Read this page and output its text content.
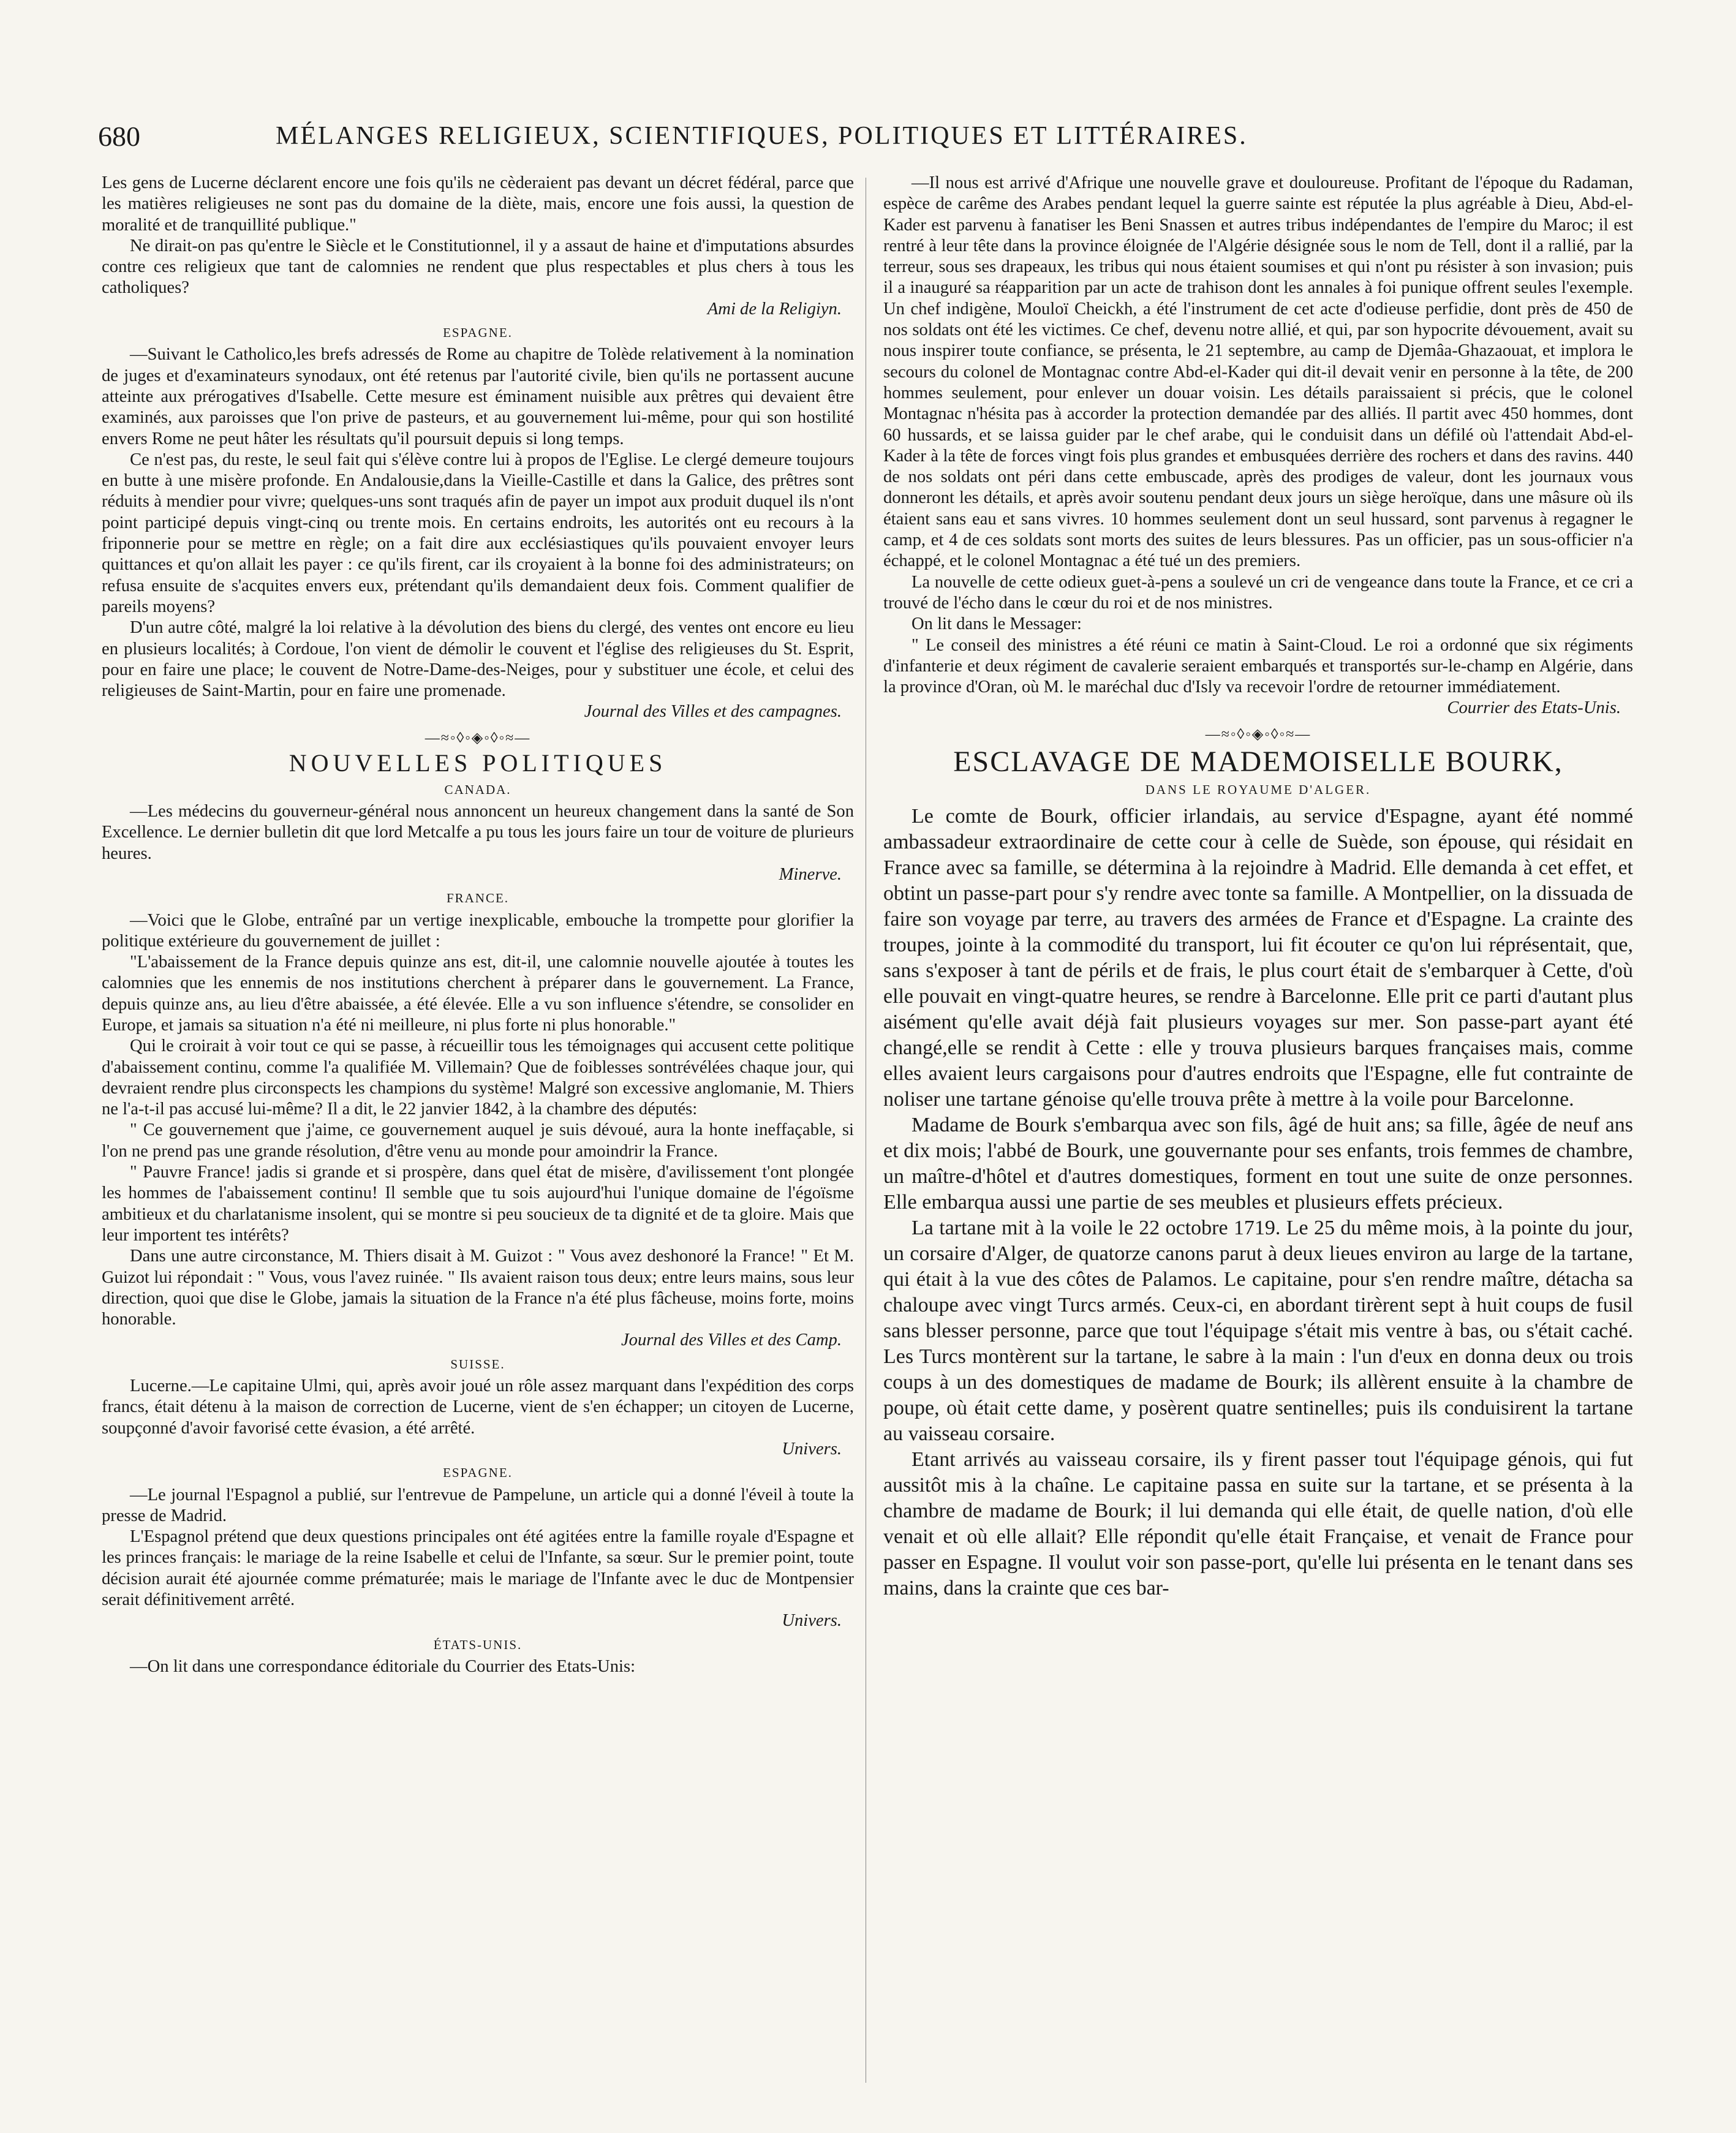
680	MÉLANGES RELIGIEUX, SCIENTIFIQUES, POLITIQUES ET LITTÉRAIRES.

Les gens de Lucerne déclarent encore une fois qu'ils ne cèderaient pas devant un décret fédéral, parce que les matières religieuses ne sont pas du domaine de la diète, mais, encore une fois aussi, la question de moralité et de tranquillité publique."

Ne dirait-on pas qu'entre le Siècle et le Constitutionnel, il y a assaut de haine et d'imputations absurdes contre ces religieux que tant de calomnies ne rendent que plus respectables et plus chers à tous les catholiques?

Ami de la Religiyn.

ESPAGNE.

—Suivant le Catholico,les brefs adressés de Rome au chapitre de Tolède relativement à la nomination de juges et d'examinateurs synodaux, ont été retenus par l'autorité civile, bien qu'ils ne portassent aucune atteinte aux prérogatives d'Isabelle. Cette mesure est éminament nuisible aux prêtres qui devaient être examinés, aux paroisses que l'on prive de pasteurs, et au gouvernement lui-même, pour qui son hostilité envers Rome ne peut hâter les résultats qu'il poursuit depuis si long temps.

Ce n'est pas, du reste, le seul fait qui s'élève contre lui à propos de l'Eglise. Le clergé demeure toujours en butte à une misère profonde. En Andalousie,dans la Vieille-Castille et dans la Galice, des prêtres sont réduits à mendier pour vivre; quelques-uns sont traqués afin de payer un impot aux produit duquel ils n'ont point participé depuis vingt-cinq ou trente mois. En certains endroits, les autorités ont eu recours à la friponnerie pour se mettre en règle; on a fait dire aux ecclésiastiques qu'ils pouvaient envoyer leurs quittances et qu'on allait les payer : ce qu'ils firent, car ils croyaient à la bonne foi des administrateurs; on refusa ensuite de s'acquites envers eux, prétendant qu'ils demandaient deux fois. Comment qualifier de pareils moyens?

D'un autre côté, malgré la loi relative à la dévolution des biens du clergé, des ventes ont encore eu lieu en plusieurs localités; à Cordoue, l'on vient de démolir le couvent et l'église des religieuses du St. Esprit, pour en faire une place; le couvent de Notre-Dame-des-Neiges, pour y substituer une école, et celui des religieuses de Saint-Martin, pour en faire une promenade.

Journal des Villes et des campagnes.

—≈◦◊◦◈◦◊◦≈—
NOUVELLES POLITIQUES
CANADA.

—Les médecins du gouverneur-général nous annoncent un heureux changement dans la santé de Son Excellence. Le dernier bulletin dit que lord Metcalfe a pu tous les jours faire un tour de voiture de plurieurs heures.

Minerve.

FRANCE.

—Voici que le Globe, entraîné par un vertige inexplicable, embouche la trompette pour glorifier la politique extérieure du gouvernement de juillet :

"L'abaissement de la France depuis quinze ans est, dit-il, une calomnie nouvelle ajoutée à toutes les calomnies que les ennemis de nos institutions cherchent à préparer dans le gouvernement. La France, depuis quinze ans, au lieu d'être abaissée, a été élevée. Elle a vu son influence s'étendre, se consolider en Europe, et jamais sa situation n'a été ni meilleure, ni plus forte ni plus honorable."

Qui le croirait à voir tout ce qui se passe, à récueillir tous les témoignages qui accusent cette politique d'abaissement continu, comme l'a qualifiée M. Villemain? Que de foiblesses sontrévélées chaque jour, qui devraient rendre plus circonspects les champions du système! Malgré son excessive anglomanie, M. Thiers ne l'a-t-il pas accusé lui-même? Il a dit, le 22 janvier 1842, à la chambre des députés:

" Ce gouvernement que j'aime, ce gouvernement auquel je suis dévoué, aura la honte ineffaçable, si l'on ne prend pas une grande résolution, d'être venu au monde pour amoindrir la France.

" Pauvre France! jadis si grande et si prospère, dans quel état de misère, d'avilissement t'ont plongée les hommes de l'abaissement continu! Il semble que tu sois aujourd'hui l'unique domaine de l'égoïsme ambitieux et du charlatanisme insolent, qui se montre si peu soucieux de ta dignité et de ta gloire. Mais que leur importent tes intérêts?

Dans une autre circonstance, M. Thiers disait à M. Guizot : " Vous avez deshonoré la France! " Et M. Guizot lui répondait : " Vous, vous l'avez ruinée. " Ils avaient raison tous deux; entre leurs mains, sous leur direction, quoi que dise le Globe, jamais la situation de la France n'a été plus fâcheuse, moins forte, moins honorable.

Journal des Villes et des Camp.

SUISSE.

Lucerne.—Le capitaine Ulmi, qui, après avoir joué un rôle assez marquant dans l'expédition des corps francs, était détenu à la maison de correction de Lucerne, vient de s'en échapper; un citoyen de Lucerne, soupçonné d'avoir favorisé cette évasion, a été arrêté.

Univers.

ESPAGNE.

—Le journal l'Espagnol a publié, sur l'entrevue de Pampelune, un article qui a donné l'éveil à toute la presse de Madrid.

L'Espagnol prétend que deux questions principales ont été agitées entre la famille royale d'Espagne et les princes français: le mariage de la reine Isabelle et celui de l'Infante, sa sœur. Sur le premier point, toute décision aurait été ajournée comme prématurée; mais le mariage de l'Infante avec le duc de Montpensier serait définitivement arrêté.

Univers.

ÉTATS-UNIS.

—On lit dans une correspondance éditoriale du Courrier des Etats-Unis:

—Il nous est arrivé d'Afrique une nouvelle grave et douloureuse. Profitant de l'époque du Radaman, espèce de carême des Arabes pendant lequel la guerre sainte est réputée la plus agréable à Dieu, Abd-el-Kader est parvenu à fanatiser les Beni Snassen et autres tribus indépendantes de l'empire du Maroc; il est rentré à leur tête dans la province éloignée de l'Algérie désignée sous le nom de Tell, dont il a rallié, par la terreur, sous ses drapeaux, les tribus qui nous étaient soumises et qui n'ont pu résister à son invasion; puis il a inauguré sa réapparition par un acte de trahison dont les annales à foi punique offrent seules l'exemple. Un chef indigène, Mouloï Cheickh, a été l'instrument de cet acte d'odieuse perfidie, dont près de 450 de nos soldats ont été les victimes. Ce chef, devenu notre allié, et qui, par son hypocrite dévouement, avait su nous inspirer toute confiance, se présenta, le 21 septembre, au camp de Djemâa-Ghazaouat, et implora le secours du colonel de Montagnac contre Abd-el-Kader qui dit-il devait venir en personne à la tête, de 200 hommes seulement, pour enlever un douar voisin. Les détails paraissaient si précis, que le colonel Montagnac n'hésita pas à accorder la protection demandée par des alliés. Il partit avec 450 hommes, dont 60 hussards, et se laissa guider par le chef arabe, qui le conduisit dans un défilé où l'attendait Abd-el-Kader à la tête de forces vingt fois plus grandes et embusquées derrière des rochers et dans des ravins. 440 de nos soldats ont péri dans cette embuscade, après des prodiges de valeur, dont les journaux vous donneront les détails, et après avoir soutenu pendant deux jours un siège heroïque, dans une mâsure où ils étaient sans eau et sans vivres. 10 hommes seulement dont un seul hussard, sont parvenus à regagner le camp, et 4 de ces soldats sont morts des suites de leurs blessures. Pas un officier, pas un sous-officier n'a échappé, et le colonel Montagnac a été tué un des premiers.

La nouvelle de cette odieux guet-à-pens a soulevé un cri de vengeance dans toute la France, et ce cri a trouvé de l'écho dans le cœur du roi et de nos ministres.

On lit dans le Messager:

" Le conseil des ministres a été réuni ce matin à Saint-Cloud. Le roi a ordonné que six régiments d'infanterie et deux régiment de cavalerie seraient embarqués et transportés sur-le-champ en Algérie, dans la province d'Oran, où M. le maréchal duc d'Isly va recevoir l'ordre de retourner immédiatement.

Courrier des Etats-Unis.

—≈◦◊◦◈◦◊◦≈—
ESCLAVAGE DE MADEMOISELLE BOURK,
DANS LE ROYAUME D'ALGER.

Le comte de Bourk, officier irlandais, au service d'Espagne, ayant été nommé ambassadeur extraordinaire de cette cour à celle de Suède, son épouse, qui résidait en France avec sa famille, se détermina à la rejoindre à Madrid. Elle demanda à cet effet, et obtint un passe-part pour s'y rendre avec tonte sa famille. A Montpellier, on la dissuada de faire son voyage par terre, au travers des armées de France et d'Espagne. La crainte des troupes, jointe à la commodité du transport, lui fit écouter ce qu'on lui réprésentait, que, sans s'exposer à tant de périls et de frais, le plus court était de s'embarquer à Cette, d'où elle pouvait en vingt-quatre heures, se rendre à Barcelonne. Elle prit ce parti d'autant plus aisément qu'elle avait déjà fait plusieurs voyages sur mer. Son passe-part ayant été changé,elle se rendit à Cette : elle y trouva plusieurs barques françaises mais, comme elles avaient leurs cargaisons pour d'autres endroits que l'Espagne, elle fut contrainte de noliser une tartane génoise qu'elle trouva prête à mettre à la voile pour Barcelonne.

Madame de Bourk s'embarqua avec son fils, âgé de huit ans; sa fille, âgée de neuf ans et dix mois; l'abbé de Bourk, une gouvernante pour ses enfants, trois femmes de chambre, un maître-d'hôtel et d'autres domestiques, forment en tout une suite de onze personnes. Elle embarqua aussi une partie de ses meubles et plusieurs effets précieux.

La tartane mit à la voile le 22 octobre 1719. Le 25 du même mois, à la pointe du jour, un corsaire d'Alger, de quatorze canons parut à deux lieues environ au large de la tartane, qui était à la vue des côtes de Palamos. Le capitaine, pour s'en rendre maître, détacha sa chaloupe avec vingt Turcs armés. Ceux-ci, en abordant tirèrent sept à huit coups de fusil sans blesser personne, parce que tout l'équipage s'était mis ventre à bas, ou s'était caché. Les Turcs montèrent sur la tartane, le sabre à la main : l'un d'eux en donna deux ou trois coups à un des domestiques de madame de Bourk; ils allèrent ensuite à la chambre de poupe, où était cette dame, y posèrent quatre sentinelles; puis ils conduisirent la tartane au vaisseau corsaire.

Etant arrivés au vaisseau corsaire, ils y firent passer tout l'équipage génois, qui fut aussitôt mis à la chaîne. Le capitaine passa en suite sur la tartane, et se présenta à la chambre de madame de Bourk; il lui demanda qui elle était, de quelle nation, d'où elle venait et où elle allait? Elle répondit qu'elle était Française, et venait de France pour passer en Espagne. Il voulut voir son passe-port, qu'elle lui présenta en le tenant dans ses mains, dans la crainte que ces bar-
